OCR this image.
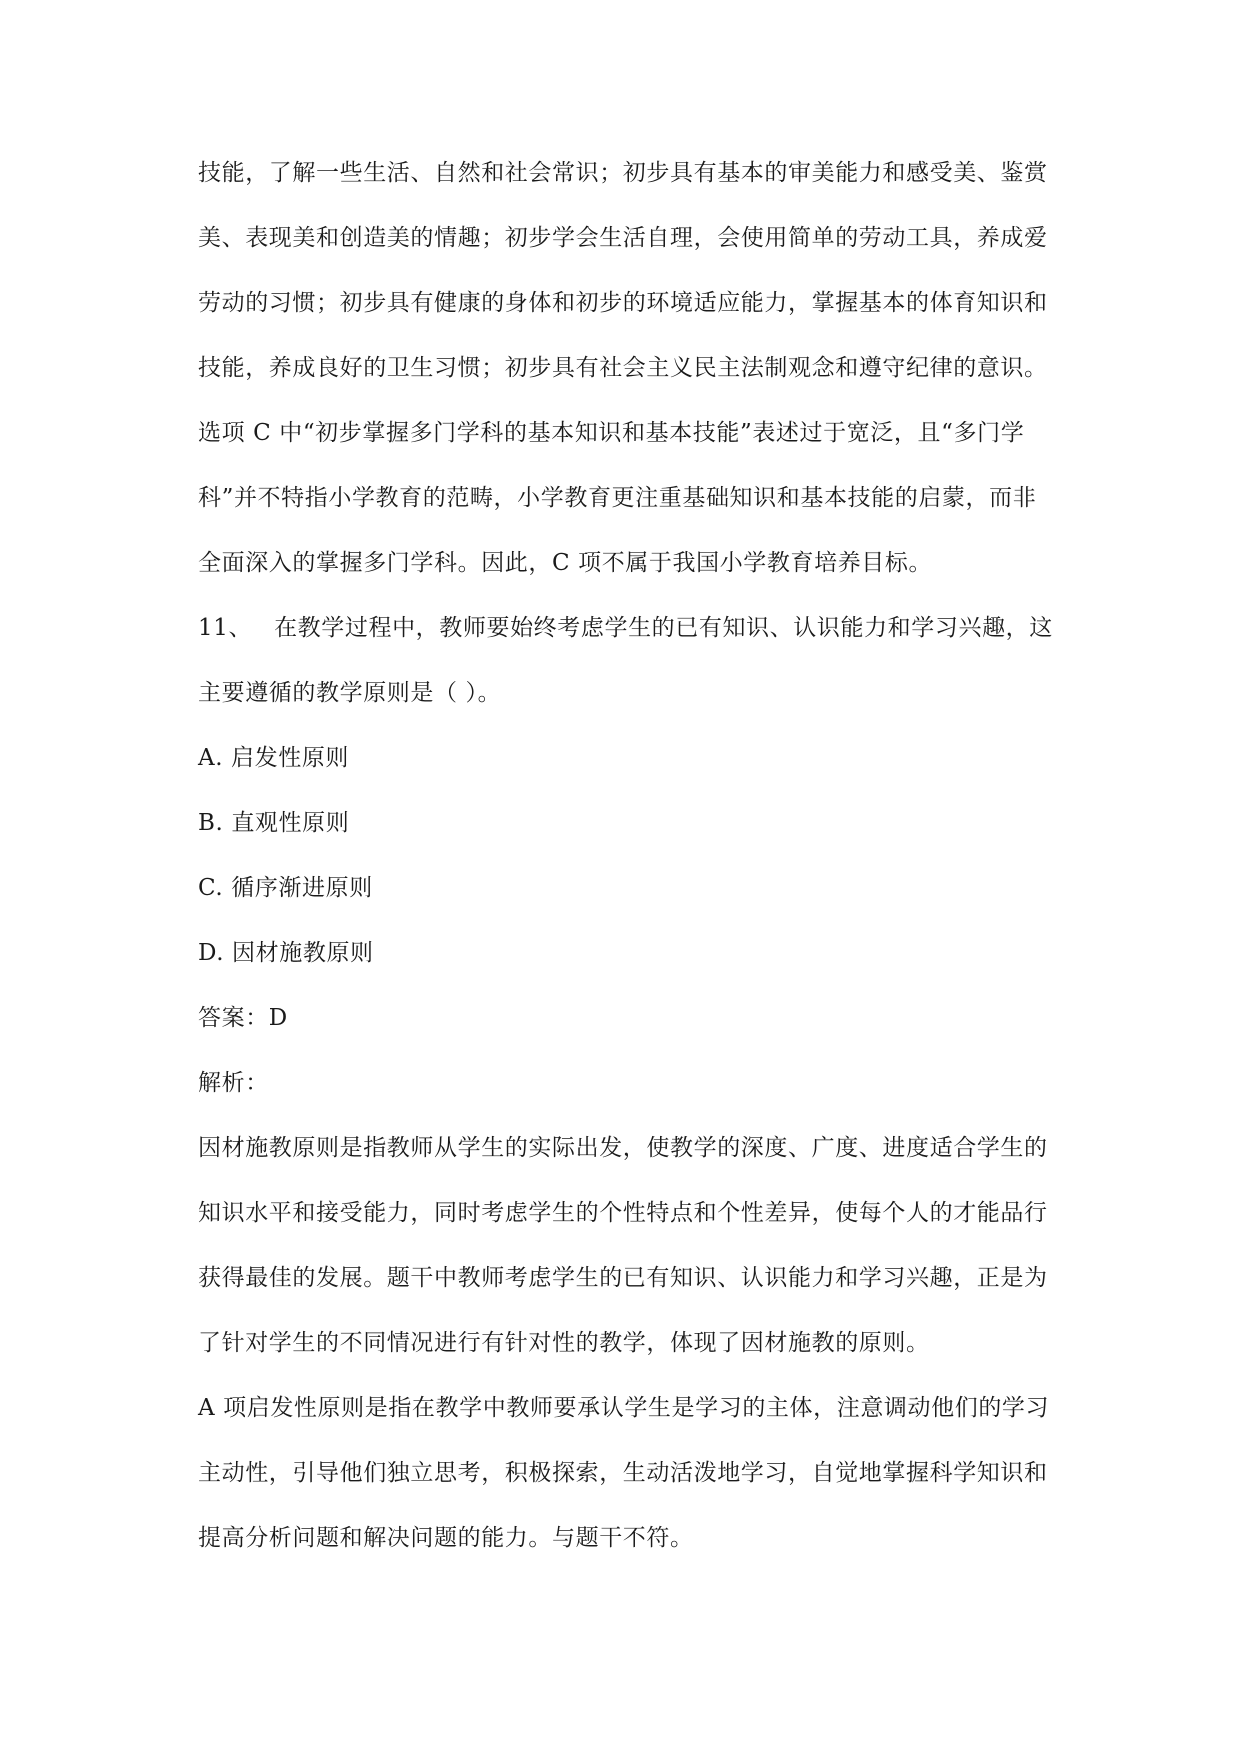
技能，了解一些生活、自然和社会常识；初步具有基本的审美能力和感受美、鉴赏
美、表现美和创造美的情趣；初步学会生活自理，会使用简单的劳动工具，养成爱
劳动的习惯；初步具有健康的身体和初步的环境适应能力，掌握基本的体育知识和
技能，养成良好的卫生习惯；初步具有社会主义民主法制观念和遵守纪律的意识。
选项 C 中“初步掌握多门学科的基本知识和基本技能”表述过于宽泛，且“多门学
科”并不特指小学教育的范畴，小学教育更注重基础知识和基本技能的启蒙，而非
全面深入的掌握多门学科。因此，C 项不属于我国小学教育培养目标。
11、 在教学过程中，教师要始终考虑学生的已有知识、认识能力和学习兴趣，这
主要遵循的教学原则是（ ）。
A. 启发性原则
B. 直观性原则
C. 循序渐进原则
D. 因材施教原则
答案：D
解析：
因材施教原则是指教师从学生的实际出发，使教学的深度、广度、进度适合学生的
知识水平和接受能力，同时考虑学生的个性特点和个性差异，使每个人的才能品行
获得最佳的发展。题干中教师考虑学生的已有知识、认识能力和学习兴趣，正是为
了针对学生的不同情况进行有针对性的教学，体现了因材施教的原则。
A 项启发性原则是指在教学中教师要承认学生是学习的主体，注意调动他们的学习
主动性，引导他们独立思考，积极探索，生动活泼地学习，自觉地掌握科学知识和
提高分析问题和解决问题的能力。与题干不符。
